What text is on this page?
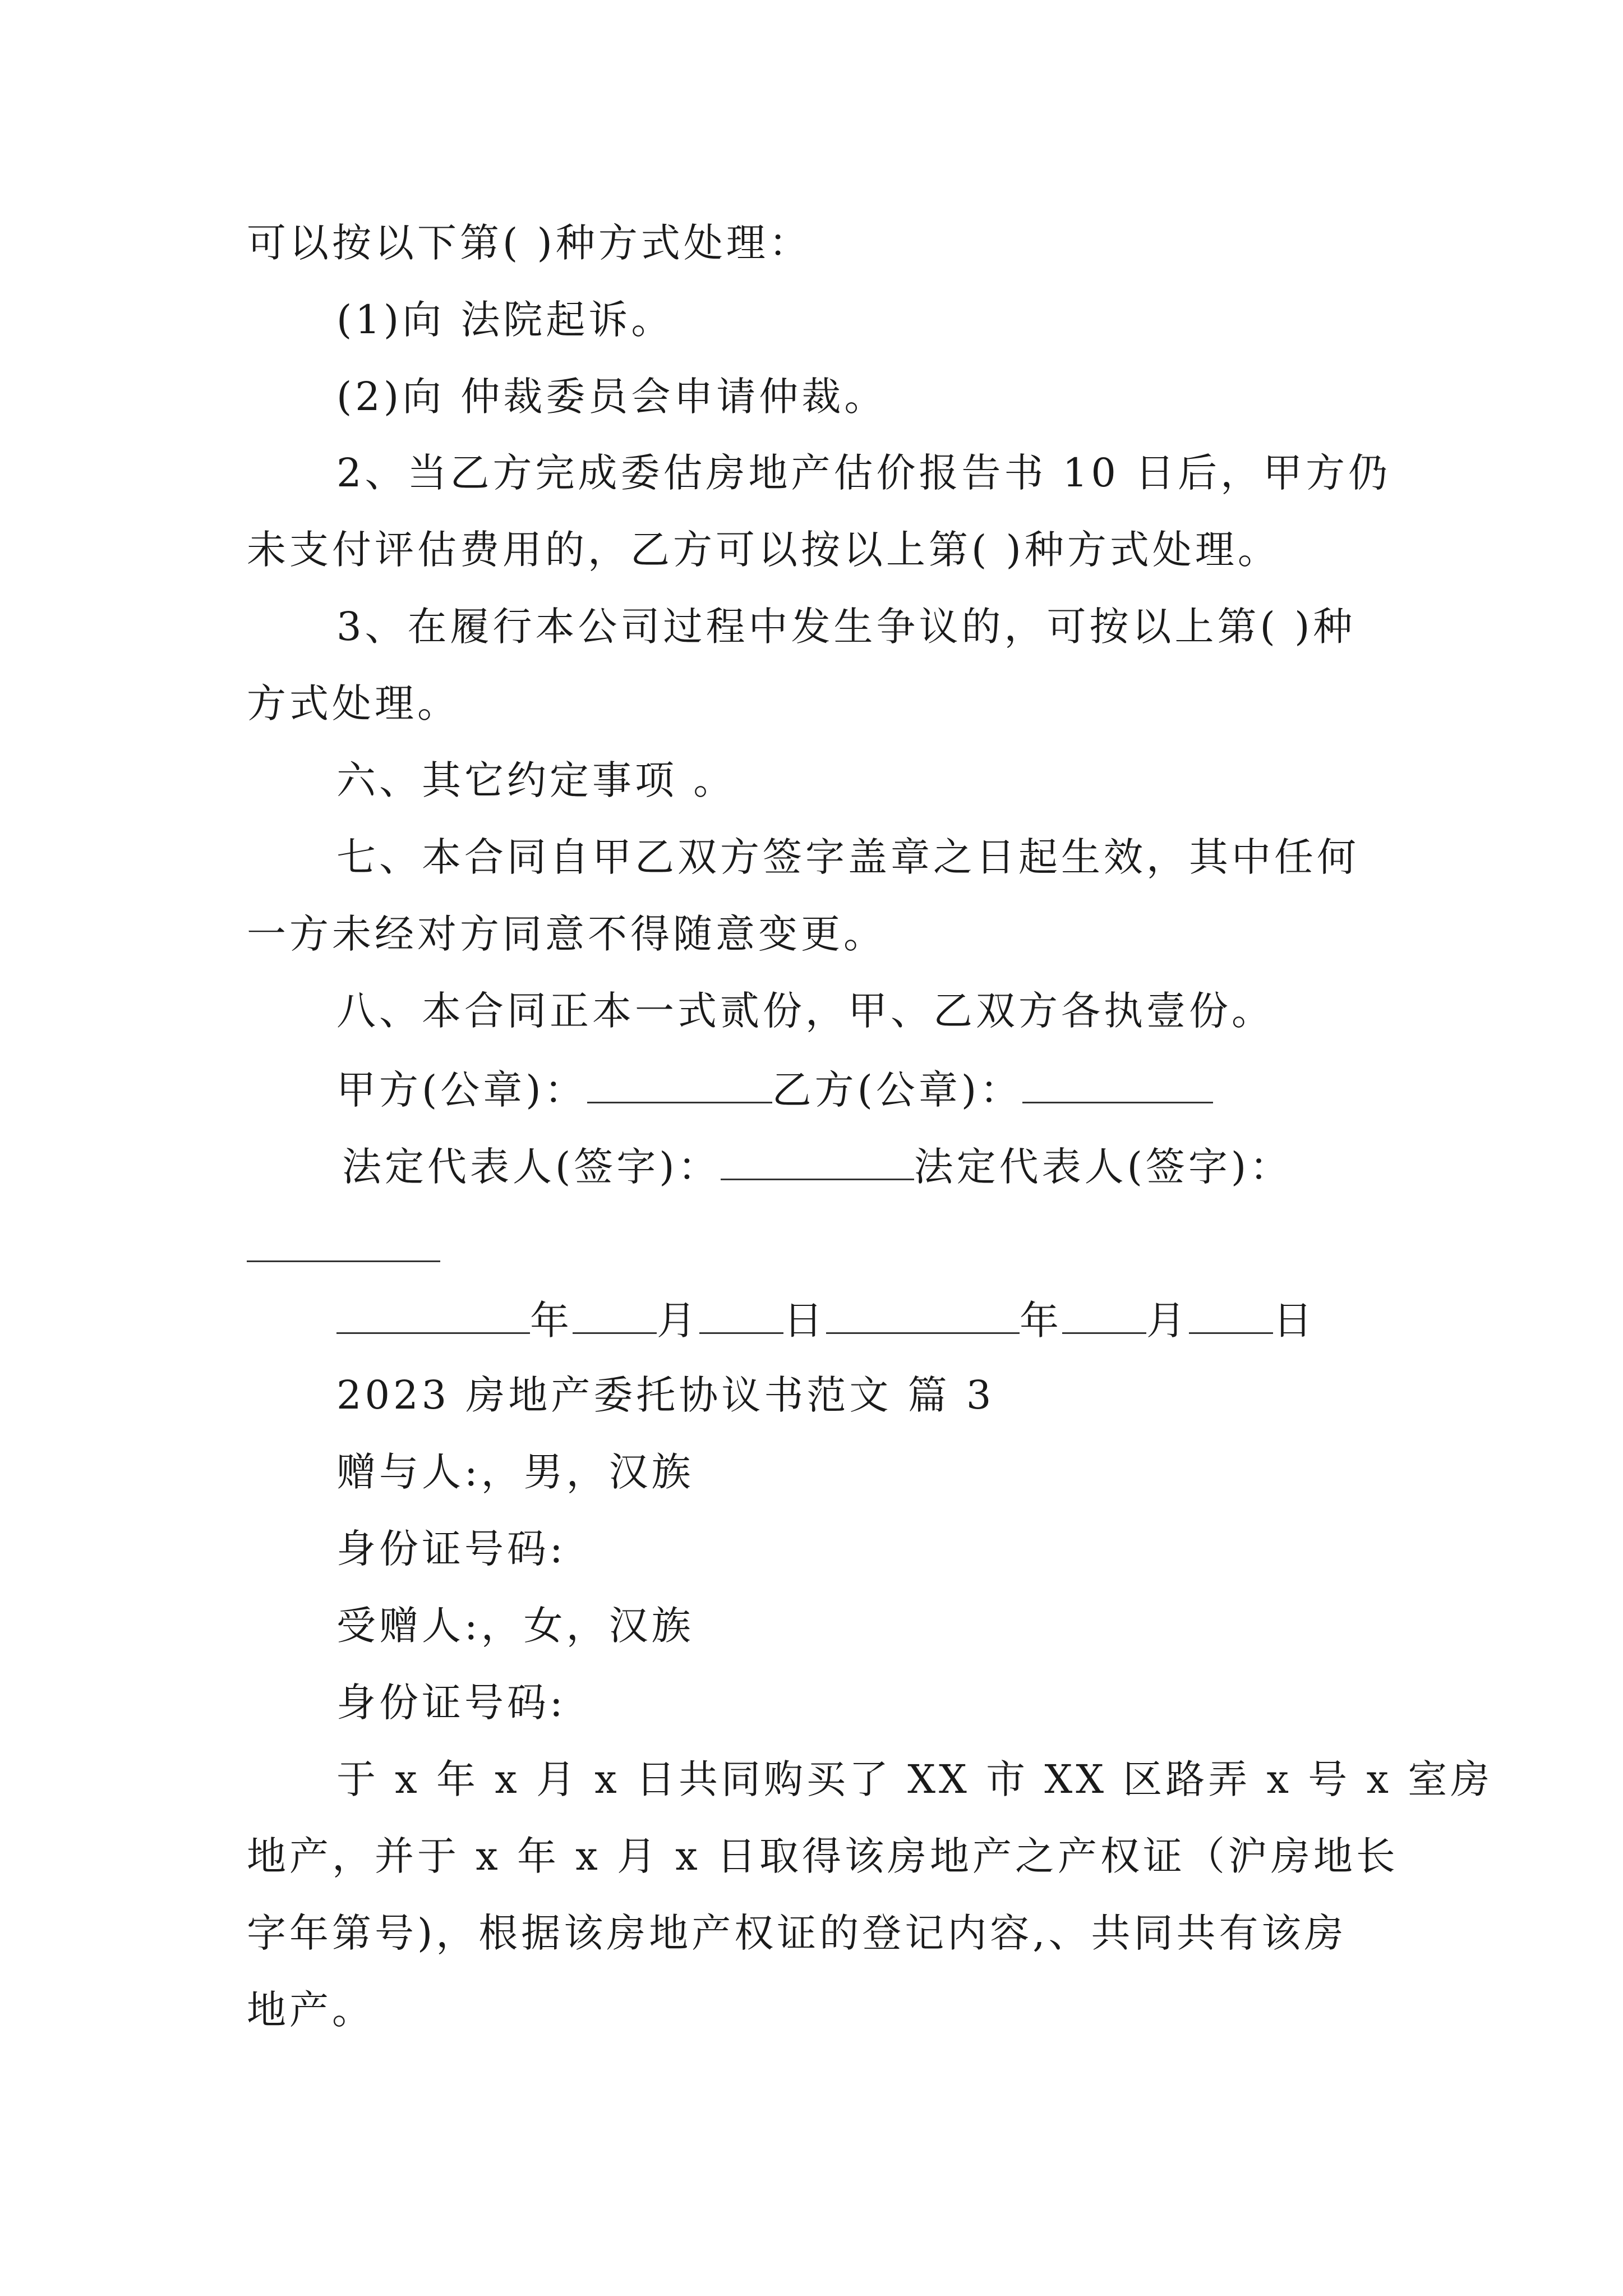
可以按以下第( )种方式处理：
(1)向 法院起诉。
(2)向 仲裁委员会申请仲裁。
2、当乙方完成委估房地产估价报告书 10 日后，甲方仍
未支付评估费用的，乙方可以按以上第( )种方式处理。
3、在履行本公司过程中发生争议的，可按以上第( )种
方式处理。
六、其它约定事项 。
七、本合同自甲乙双方签字盖章之日起生效，其中任何
一方未经对方同意不得随意变更。
八、本合同正本一式贰份，甲、乙双方各执壹份。
甲方(公章)：	乙方(公章)：
法定代表人(签字)：	法定代表人(签字)：
年 月 日	年 月 日
2023 房地产委托协议书范文 篇 3
赠与人:，男，汉族
身份证号码:
受赠人:，女，汉族
身份证号码:
于 x 年 x 月 x 日共同购买了 XX 市 XX 区路弄 x 号 x 室房
地产，并于 x 年 x 月 x 日取得该房地产之产权证（沪房地长
字年第号)，根据该房地产权证的登记内容,、共同共有该房
地产。
